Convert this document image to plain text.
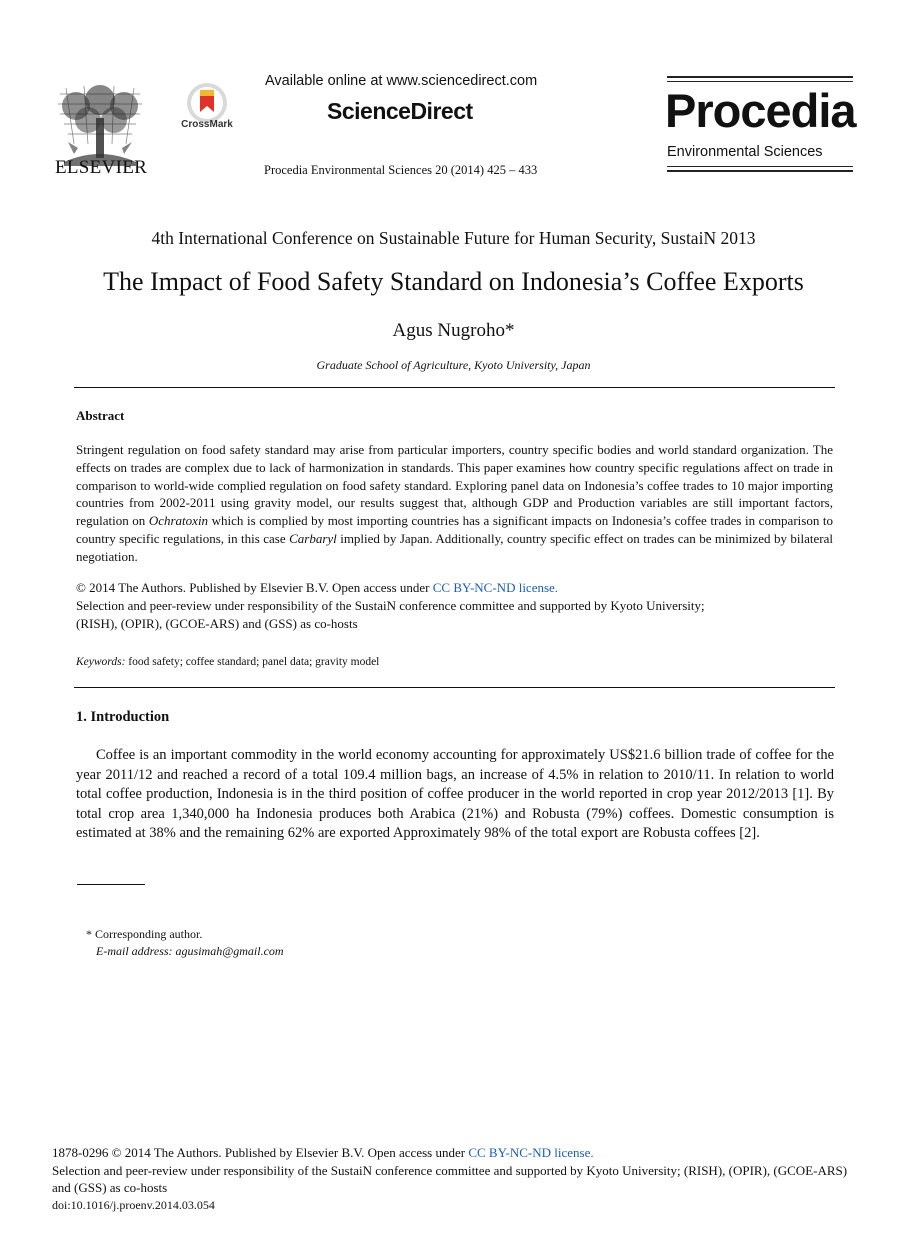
ELSEVIER
CrossMark
Available online at www.sciencedirect.com
ScienceDirect
Procedia Environmental Sciences 20 (2014) 425 – 433
Procedia
Environmental Sciences
4th International Conference on Sustainable Future for Human Security, SustaiN 2013
The Impact of Food Safety Standard on Indonesia’s Coffee Exports
Agus Nugroho*
Graduate School of Agriculture, Kyoto University, Japan
Abstract
Stringent regulation on food safety standard may arise from particular importers, country specific bodies and world standard organization. The effects on trades are complex due to lack of harmonization in standards. This paper examines how country specific regulations affect on trade in comparison to world-wide complied regulation on food safety standard. Exploring panel data on Indonesia’s coffee trades to 10 major importing countries from 2002-2011 using gravity model, our results suggest that, although GDP and Production variables are still important factors, regulation on Ochratoxin which is complied by most importing countries has a significant impacts on Indonesia’s coffee trades in comparison to country specific regulations, in this case Carbaryl implied by Japan. Additionally, country specific effect on trades can be minimized by bilateral negotiation.
© 2014 The Authors. Published by Elsevier B.V. Open access under CC BY-NC-ND license.
Selection and peer-review under responsibility of the SustaiN conference committee and supported by Kyoto University;
(RISH), (OPIR), (GCOE-ARS) and (GSS) as co-hosts
Keywords: food safety; coffee standard; panel data; gravity model
1. Introduction
Coffee is an important commodity in the world economy accounting for approximately US$21.6 billion trade of coffee for the year 2011/12 and reached a record of a total 109.4 million bags, an increase of 4.5% in relation to 2010/11. In relation to world total coffee production, Indonesia is in the third position of coffee producer in the world reported in crop year 2012/2013 [1]. By total crop area 1,340,000 ha Indonesia produces both Arabica (21%) and Robusta (79%) coffees. Domestic consumption is estimated at 38% and the remaining 62% are exported Approximately 98% of the total export are Robusta coffees [2].
* Corresponding author.
E-mail address: agusimah@gmail.com
1878-0296 © 2014 The Authors. Published by Elsevier B.V. Open access under CC BY-NC-ND license.
Selection and peer-review under responsibility of the SustaiN conference committee and supported by Kyoto University; (RISH), (OPIR), (GCOE-ARS) and (GSS) as co-hosts
doi:10.1016/j.proenv.2014.03.054
